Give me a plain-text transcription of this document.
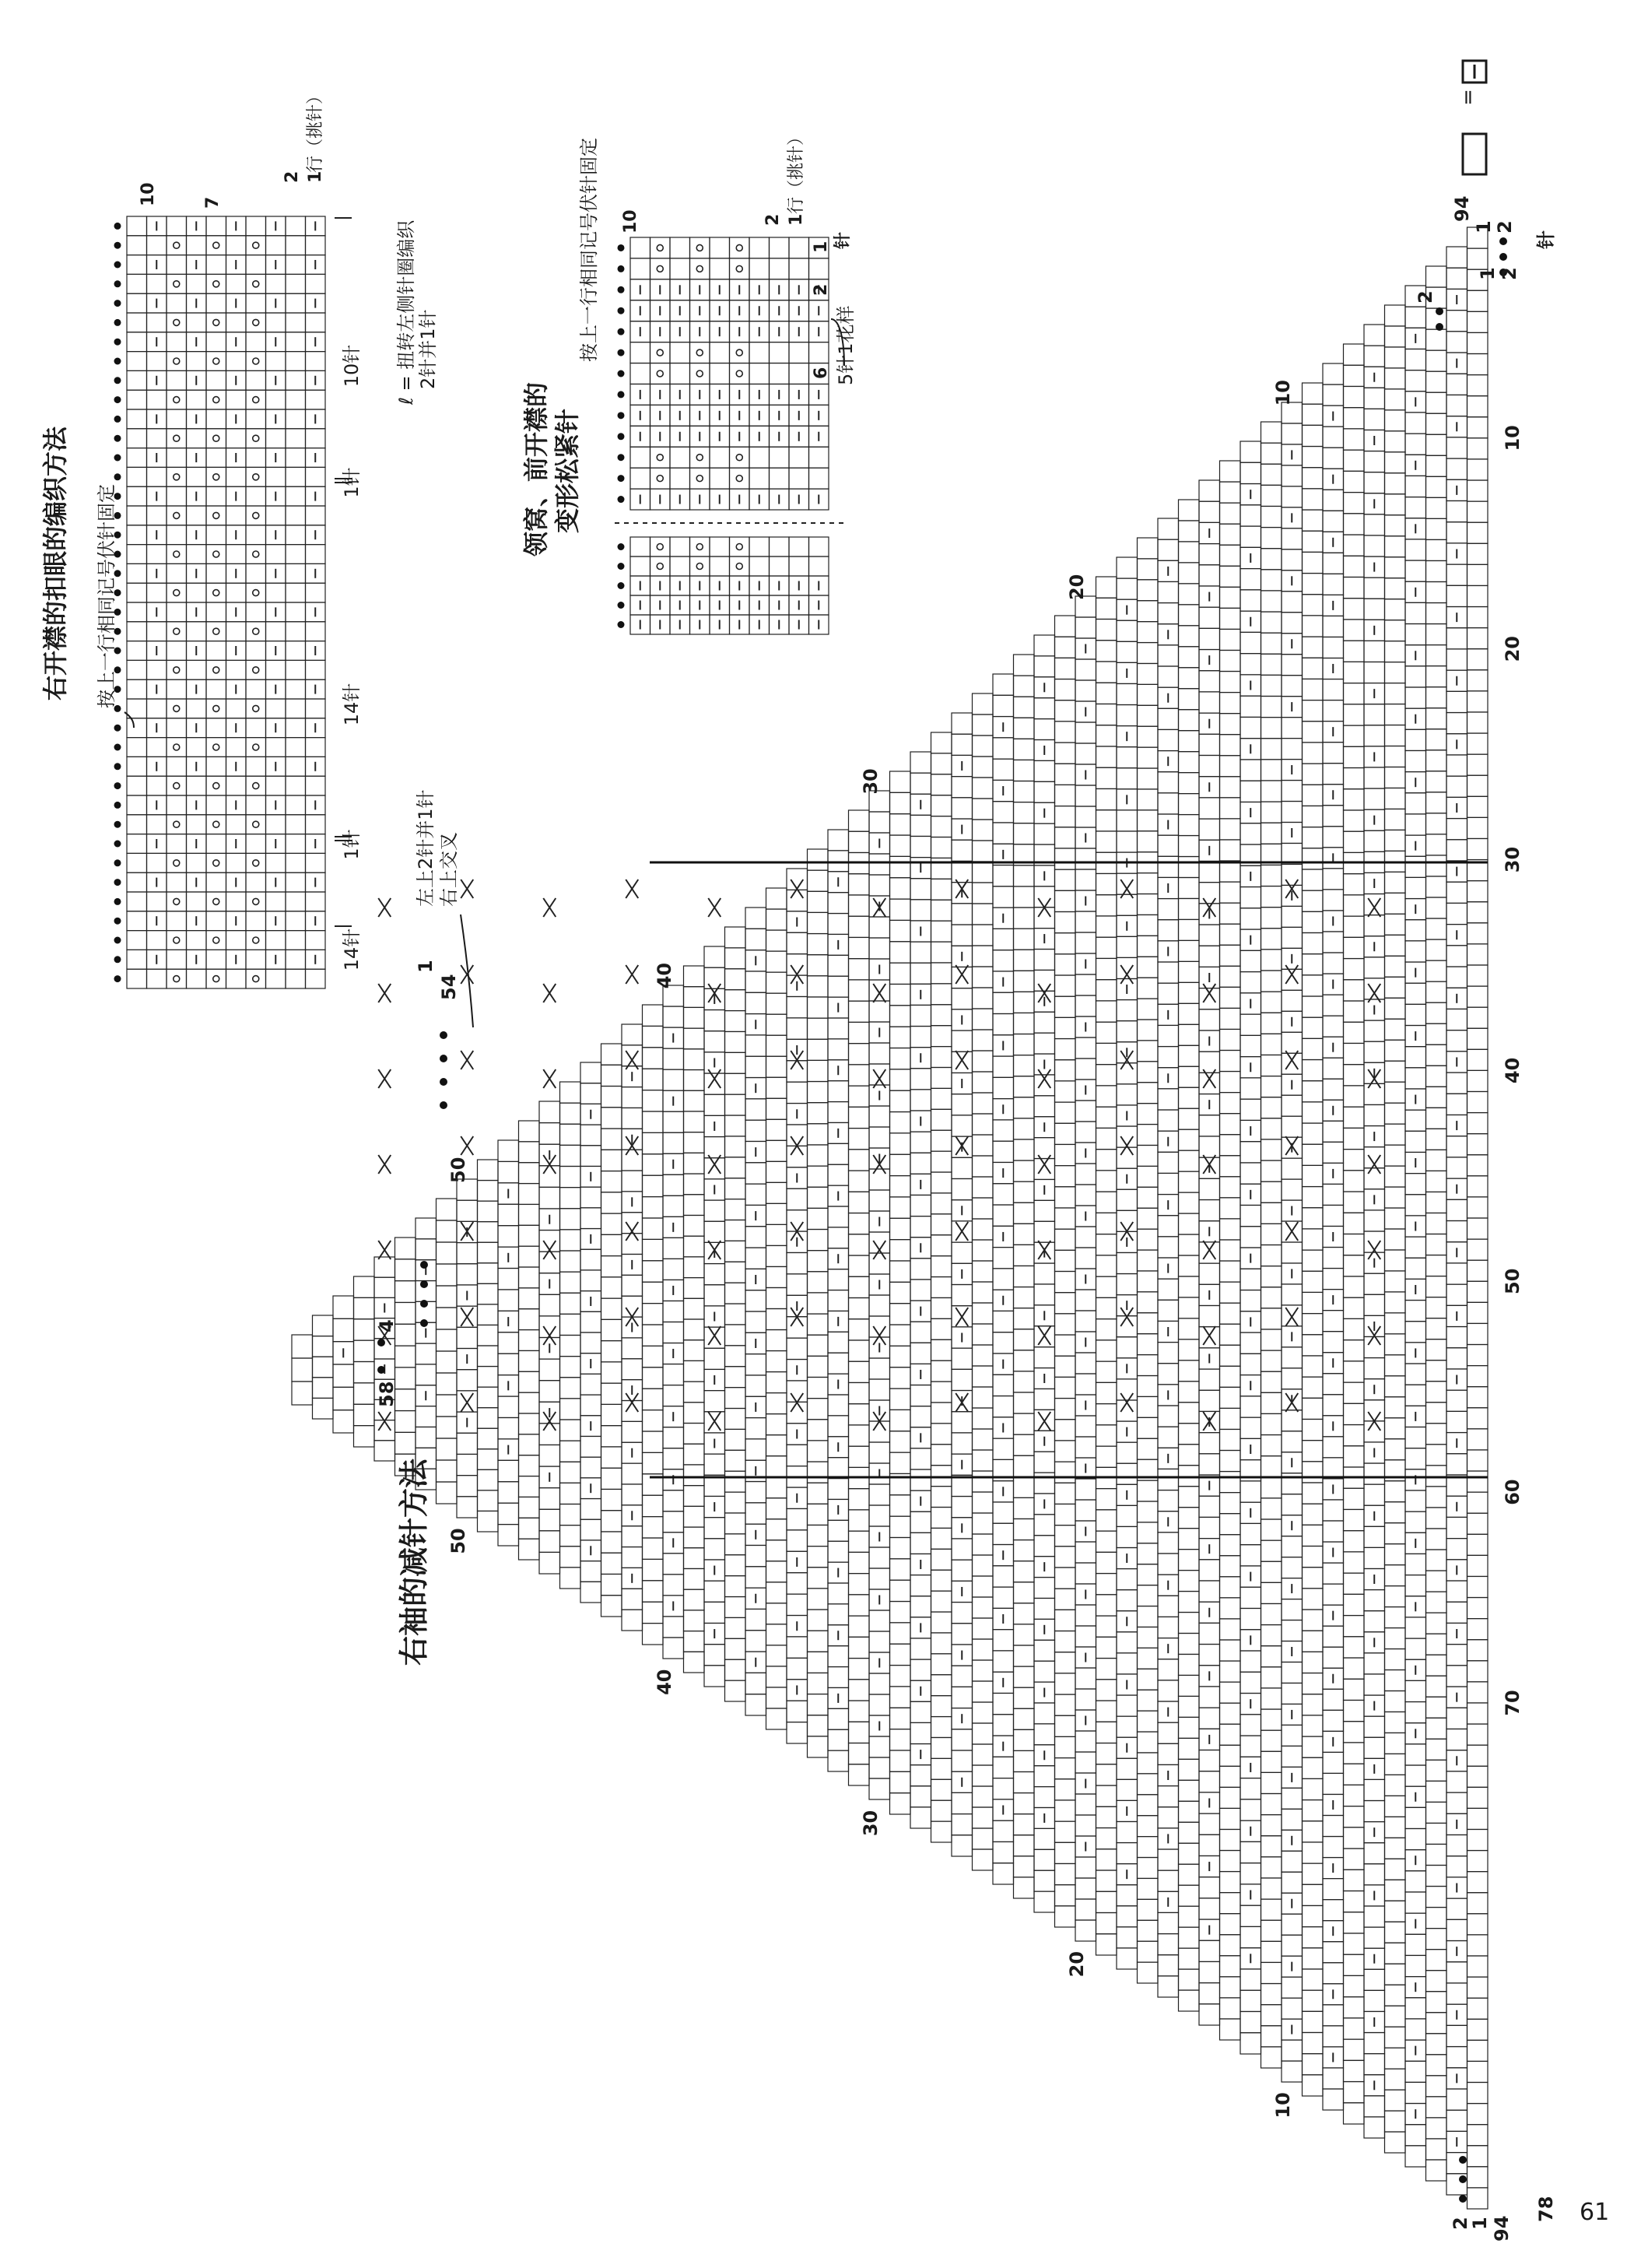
=
61
右袖的减针方法
左上2针并1针 右上交叉
94
1 2
2
1 2
针
2
1 94
78
58
4
54
1
10
20
30
40
50
10
20
30
40
50
10
20
30
40
50
60
70
右开襟的扣眼的编织方法 按上一行相同记号伏针固定
10	7
2 1
行（挑针）
14针
1针
14针
1针
10针 ℓ = 扭转左侧针圈编织 2针并1针
领窝、前开襟的 变形松紧针
按上一行相同记号伏针固定 10	2 1
1
2
6
针
行（挑针）
5针1花样
